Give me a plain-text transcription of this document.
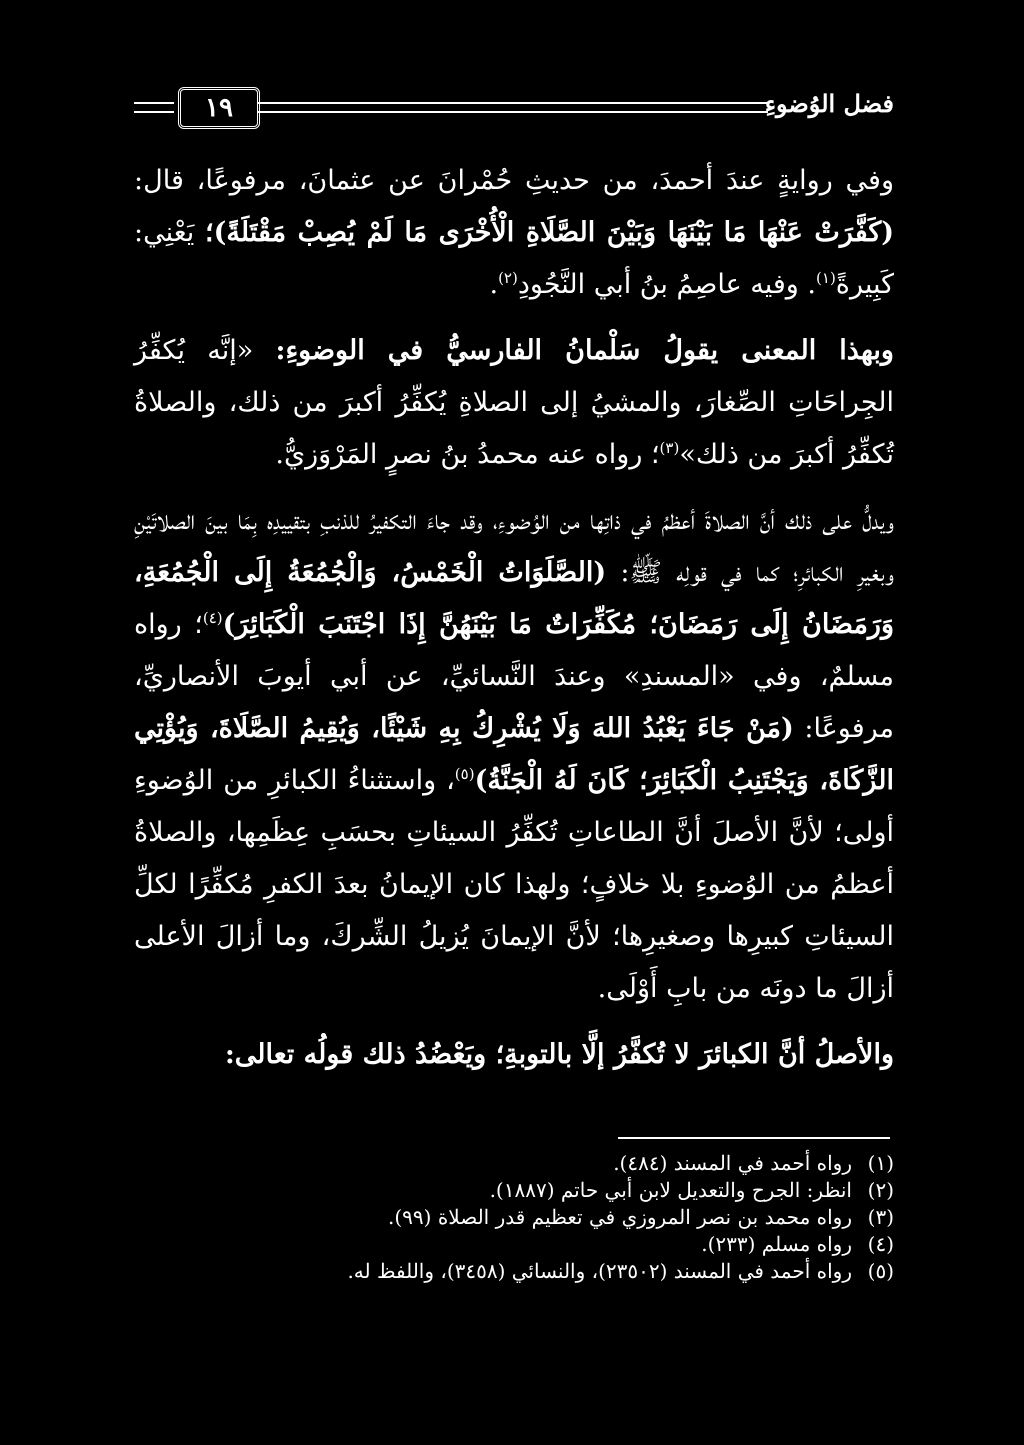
١٩	فضل الوُضوءِ

وفي روايةٍ عندَ أحمدَ، من حديثِ حُمْرانَ عن عثمانَ، مرفوعًا، قال: (كَفَّرَتْ عَنْهَا مَا بَيْنَهَا وَبَيْنَ الصَّلَاةِ الْأُخْرَى مَا لَمْ يُصِبْ مَقْتَلَةً)؛ يَعْنِي: كَبِيرةً$^{(١)}$. وفيه عاصِمُ بنُ أبي النَّجُودِ$^{(٢)}$.

وبهذا المعنى يقولُ سَلْمانُ الفارسيُّ في الوضوءِ: «إنَّه يُكفِّرُ الجِراحَاتِ الصِّغارَ، والمشيُ إلى الصلاةِ يُكفِّرُ أكبرَ من ذلك، والصلاةُ تُكفِّرُ أكبرَ من ذلك»$^{(٣)}$؛ رواه عنه محمدُ بنُ نصرٍ المَرْوَزيُّ.

ويدلُّ على ذلك أنَّ الصلاةَ أعظمُ في ذاتِها من الوُضوءِ، وقد جاءَ التكفيرُ للذنبِ بتقييدِه بِمَا بينَ الصلاتَيْنِ وبغيرِ الكبائرِ؛ كما في قولِه ﷺ: (الصَّلَوَاتُ الْخَمْسُ، وَالْجُمُعَةُ إِلَى الْجُمُعَةِ، وَرَمَضَانُ إِلَى رَمَضَانَ؛ مُكَفِّرَاتٌ مَا بَيْنَهُنَّ إِذَا اجْتَنَبَ الْكَبَائِرَ)$^{(٤)}$؛ رواه مسلمٌ، وفي «المسندِ» وعندَ النَّسائيِّ، عن أبي أيوبَ الأنصاريِّ، مرفوعًا: (مَنْ جَاءَ يَعْبُدُ اللهَ وَلَا يُشْرِكُ بِهِ شَيْئًا، وَيُقِيمُ الصَّلَاةَ، وَيُؤْتِي الزَّكَاةَ، وَيَجْتَنِبُ الْكَبَائِرَ؛ كَانَ لَهُ الْجَنَّةُ)$^{(٥)}$، واستثناءُ الكبائرِ من الوُضوءِ أولى؛ لأنَّ الأصلَ أنَّ الطاعاتِ تُكفِّرُ السيئاتِ بحسَبِ عِظَمِها، والصلاةُ أعظمُ من الوُضوءِ بلا خلافٍ؛ ولهذا كان الإيمانُ بعدَ الكفرِ مُكفِّرًا لكلِّ السيئاتِ كبيرِها وصغيرِها؛ لأنَّ الإيمانَ يُزيلُ الشِّركَ، وما أزالَ الأعلى أزالَ ما دونَه من بابِ أَوْلَى.

والأصلُ أنَّ الكبائرَ لا تُكفَّرُ إلَّا بالتوبةِ؛ ويَعْضُدُ ذلك قولُه تعالى:

(١)رواه أحمد في المسند (٤٨٤).
(٢)انظر: الجرح والتعديل لابن أبي حاتم (١٨٨٧).
(٣)رواه محمد بن نصر المروزي في تعظيم قدر الصلاة (٩٩).
(٤)رواه مسلم (٢٣٣).
(٥)رواه أحمد في المسند (٢٣٥٠٢)، والنسائي (٣٤٥٨)، واللفظ له.
